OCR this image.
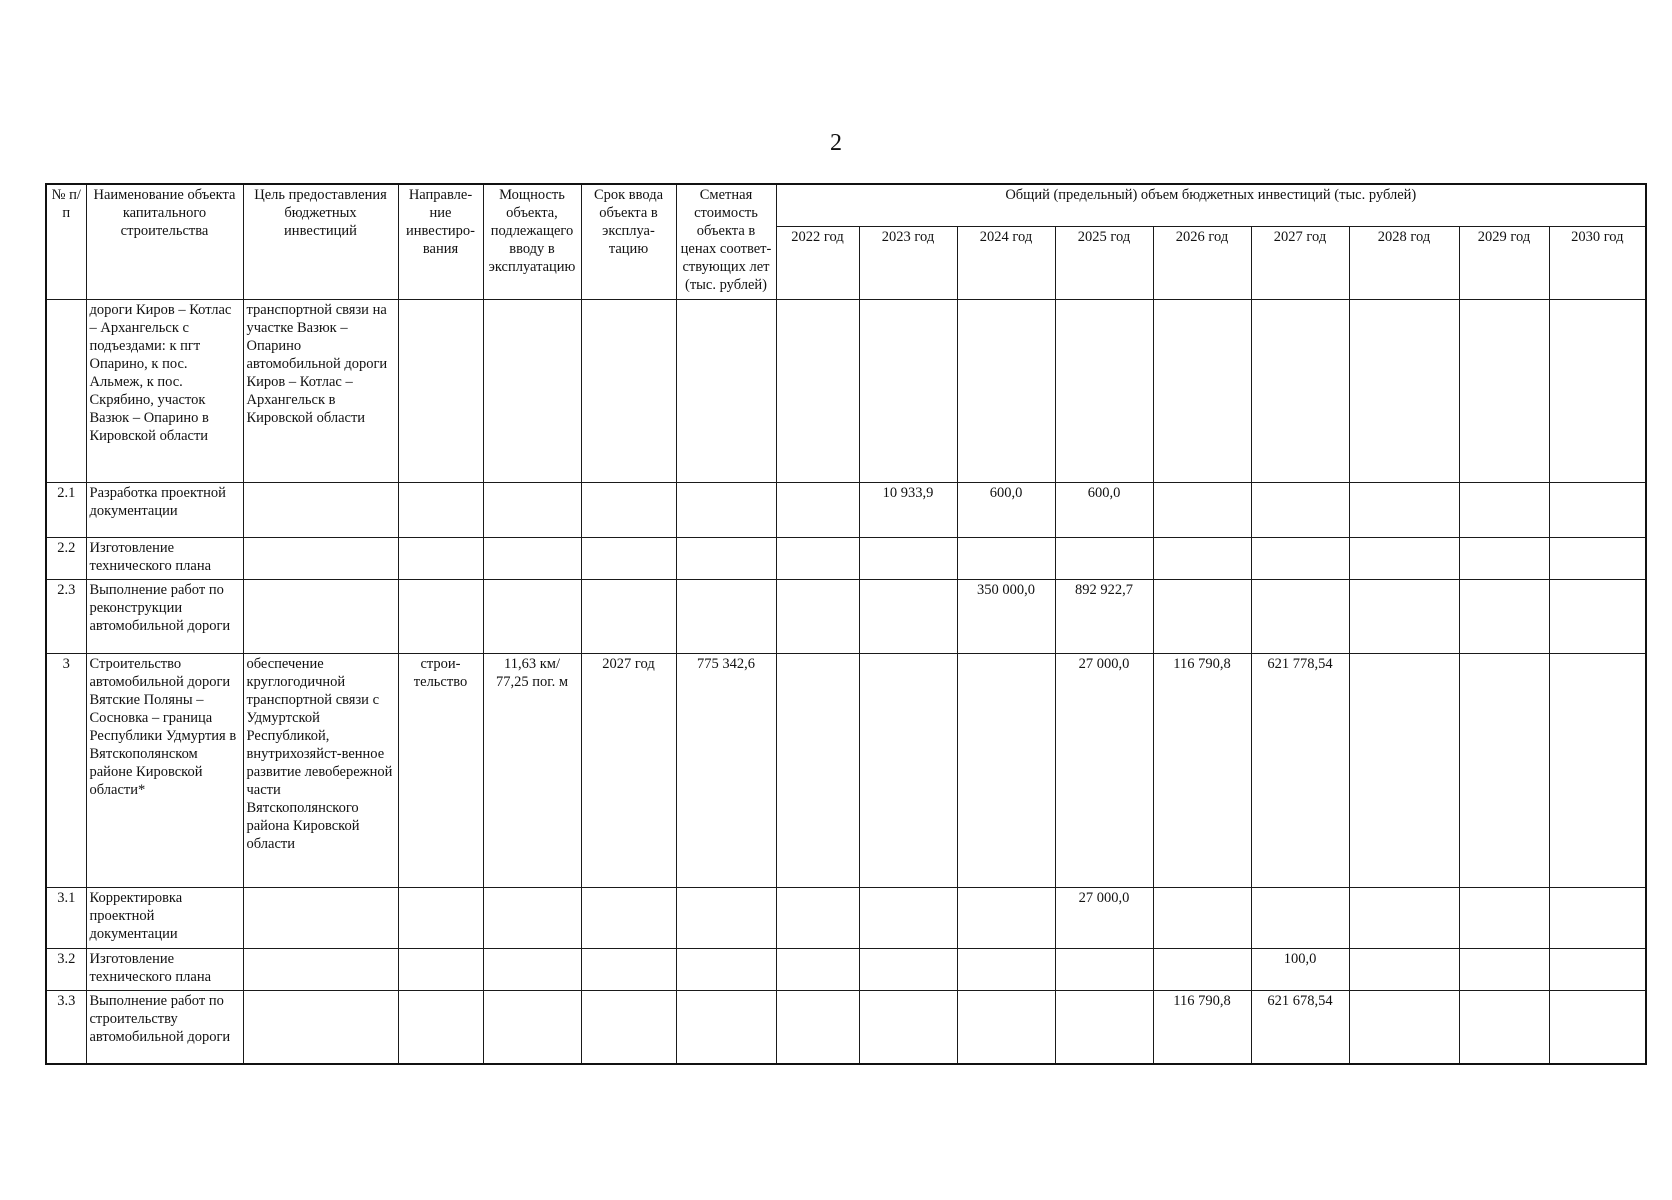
2
№ п/п	Наименование объекта капитального строительства	Цель предоставления бюджетных инвестиций	Направле-ние инвестиро-вания	Мощность объекта, подлежащего вводу в эксплуатацию	Срок ввода объекта в эксплуа-тацию	Сметная стоимость объекта в ценах соответ-ствующих лет (тыс. рублей)	Общий (предельный) объем бюджетных инвестиций (тыс. рублей)								
							2022 год	2023 год	2024 год	2025 год	2026 год	2027 год	2028 год	2029 год	2030 год
	дороги Киров – Котлас – Архангельск с подъездами: к пгт Опарино, к пос. Альмеж, к пос. Скрябино, участок Вазюк – Опарино в Кировской области	транспортной связи на участке Вазюк – Опарино автомобильной дороги Киров – Котлас – Архангельск в Кировской области													
2.1	Разработка проектной документации							10 933,9	600,0	600,0					
2.2	Изготовление технического плана														
2.3	Выполнение работ по реконструкции автомобильной дороги								350 000,0	892 922,7					
3	Строительство автомобильной дороги Вятские Поляны – Сосновка – граница Республики Удмуртия в Вятскополянском районе Кировской области*	обеспечение круглогодичной транспортной связи с Удмуртской Республикой, внутрихозяйст-венное развитие левобережной части Вятскополянского района Кировской области	строи-тельство	11,63 км/ 77,25 пог. м	2027 год	775 342,6				27 000,0	116 790,8	621 778,54			
3.1	Корректировка проектной документации									27 000,0					
3.2	Изготовление технического плана											100,0			
3.3	Выполнение работ по строительству автомобильной дороги										116 790,8	621 678,54			
